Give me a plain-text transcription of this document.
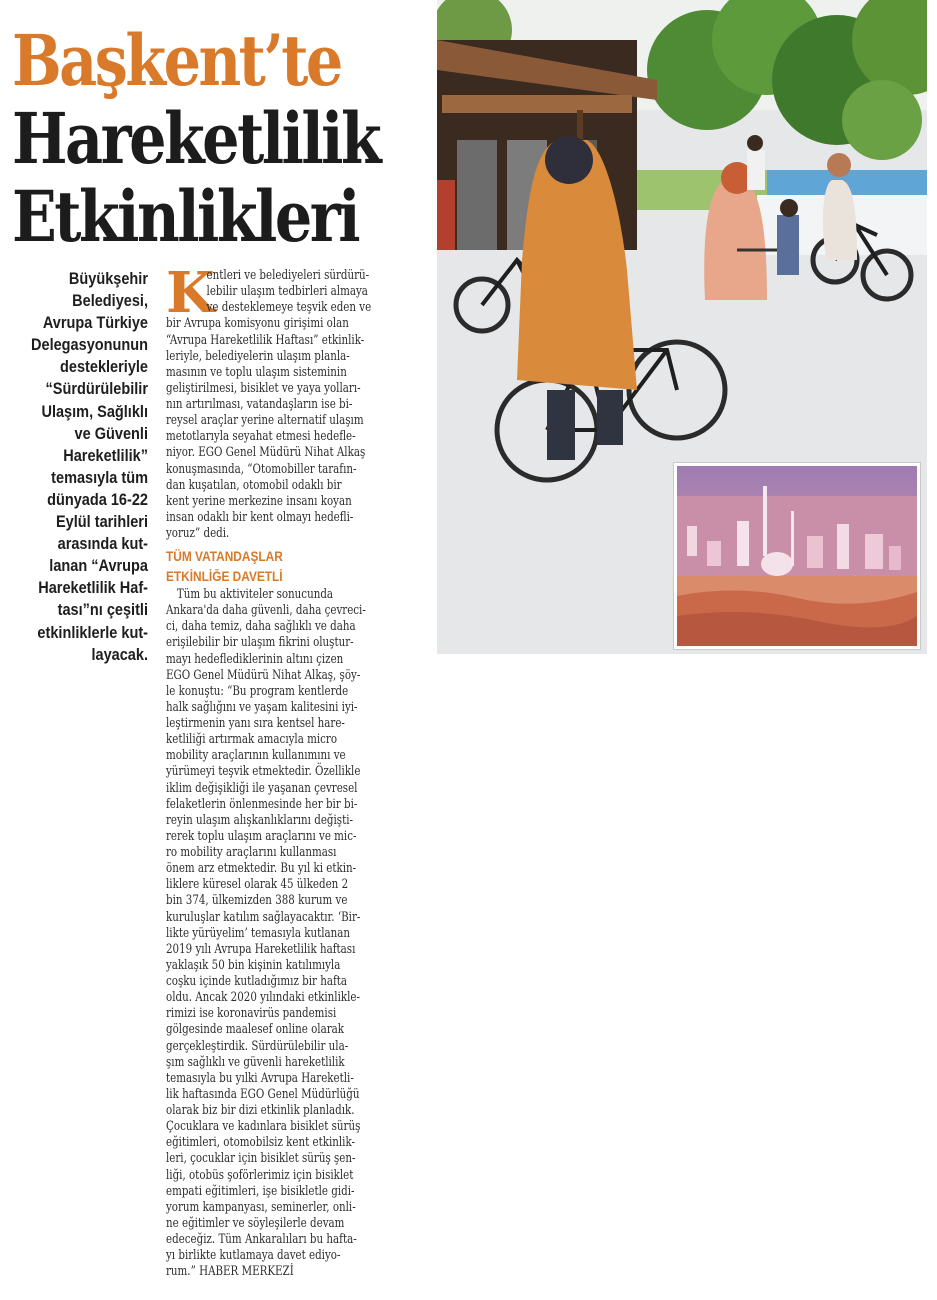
Başkent’te
Hareketlilik
Etkinlikleri
Büyükşehir
Belediyesi,
Avrupa Türkiye
Delegasyonunun
destekleriyle
“Sürdürülebilir
Ulaşım, Sağlıklı
ve Güvenli
Hareketlilik”
temasıyla tüm
dünyada 16-22
Eylül tarihleri
arasında kut-
lanan “Avrupa
Hareketlilik Haf-
tası”nı çeşitli
etkinliklerle kut-
layacak.
K
entleri ve belediyeleri sürdürü-
lebilir ulaşım tedbirleri almaya
ve desteklemeye teşvik eden ve
bir Avrupa komisyonu girişimi olan
“Avrupa Hareketlilik Haftası” etkinlik-
leriyle, belediyelerin ulaşım planla-
masının ve toplu ulaşım sisteminin
geliştirilmesi, bisiklet ve yaya yolları-
nın artırılması, vatandaşların ise bi-
reysel araçlar yerine alternatif ulaşım
metotlarıyla seyahat etmesi hedefle-
niyor. EGO Genel Müdürü Nihat Alkaş
konuşmasında, “Otomobiller tarafın-
dan kuşatılan, otomobil odaklı bir
kent yerine merkezine insanı koyan
insan odaklı bir kent olmayı hedefli-
yoruz” dedi.
TÜM VATANDAŞLAR
ETKİNLİĞE DAVETLİ
Tüm bu aktiviteler sonucunda
Ankara'da daha güvenli, daha çevreci-
ci, daha temiz, daha sağlıklı ve daha
erişilebilir bir ulaşım fikrini oluştur-
mayı hedeflediklerinin altını çizen
EGO Genel Müdürü Nihat Alkaş, şöy-
le konuştu: “Bu program kentlerde
halk sağlığını ve yaşam kalitesini iyi-
leştirmenin yanı sıra kentsel hare-
ketliliği artırmak amacıyla micro
mobility araçlarının kullanımını ve
yürümeyi teşvik etmektedir. Özellikle
iklim değişikliği ile yaşanan çevresel
felaketlerin önlenmesinde her bir bi-
reyin ulaşım alışkanlıklarını değişti-
rerek toplu ulaşım araçlarını ve mic-
ro mobility araçlarını kullanması
önem arz etmektedir. Bu yıl ki etkin-
liklere küresel olarak 45 ülkeden 2
bin 374, ülkemizden 388 kurum ve
kuruluşlar katılım sağlayacaktır. ‘Bir-
likte yürüyelim’ temasıyla kutlanan
2019 yılı Avrupa Hareketlilik haftası
yaklaşık 50 bin kişinin katılımıyla
coşku içinde kutladığımız bir hafta
oldu. Ancak 2020 yılındaki etkinlikle-
rimizi ise koronavirüs pandemisi
gölgesinde maalesef online olarak
gerçekleştirdik. Sürdürülebilir ula-
şım sağlıklı ve güvenli hareketlilik
temasıyla bu yılki Avrupa Hareketli-
lik haftasında EGO Genel Müdürlüğü
olarak biz bir dizi etkinlik planladık.
Çocuklara ve kadınlara bisiklet sürüş
eğitimleri, otomobilsiz kent etkinlik-
leri, çocuklar için bisiklet sürüş şen-
liği, otobüs şoförlerimiz için bisiklet
empati eğitimleri, işe bisikletle gidi-
yorum kampanyası, seminerler, onli-
ne eğitimler ve söyleşilerle devam
edeceğiz. Tüm Ankaralıları bu hafta-
yı birlikte kutlamaya davet ediyo-
rum.” HABER MERKEZİ
